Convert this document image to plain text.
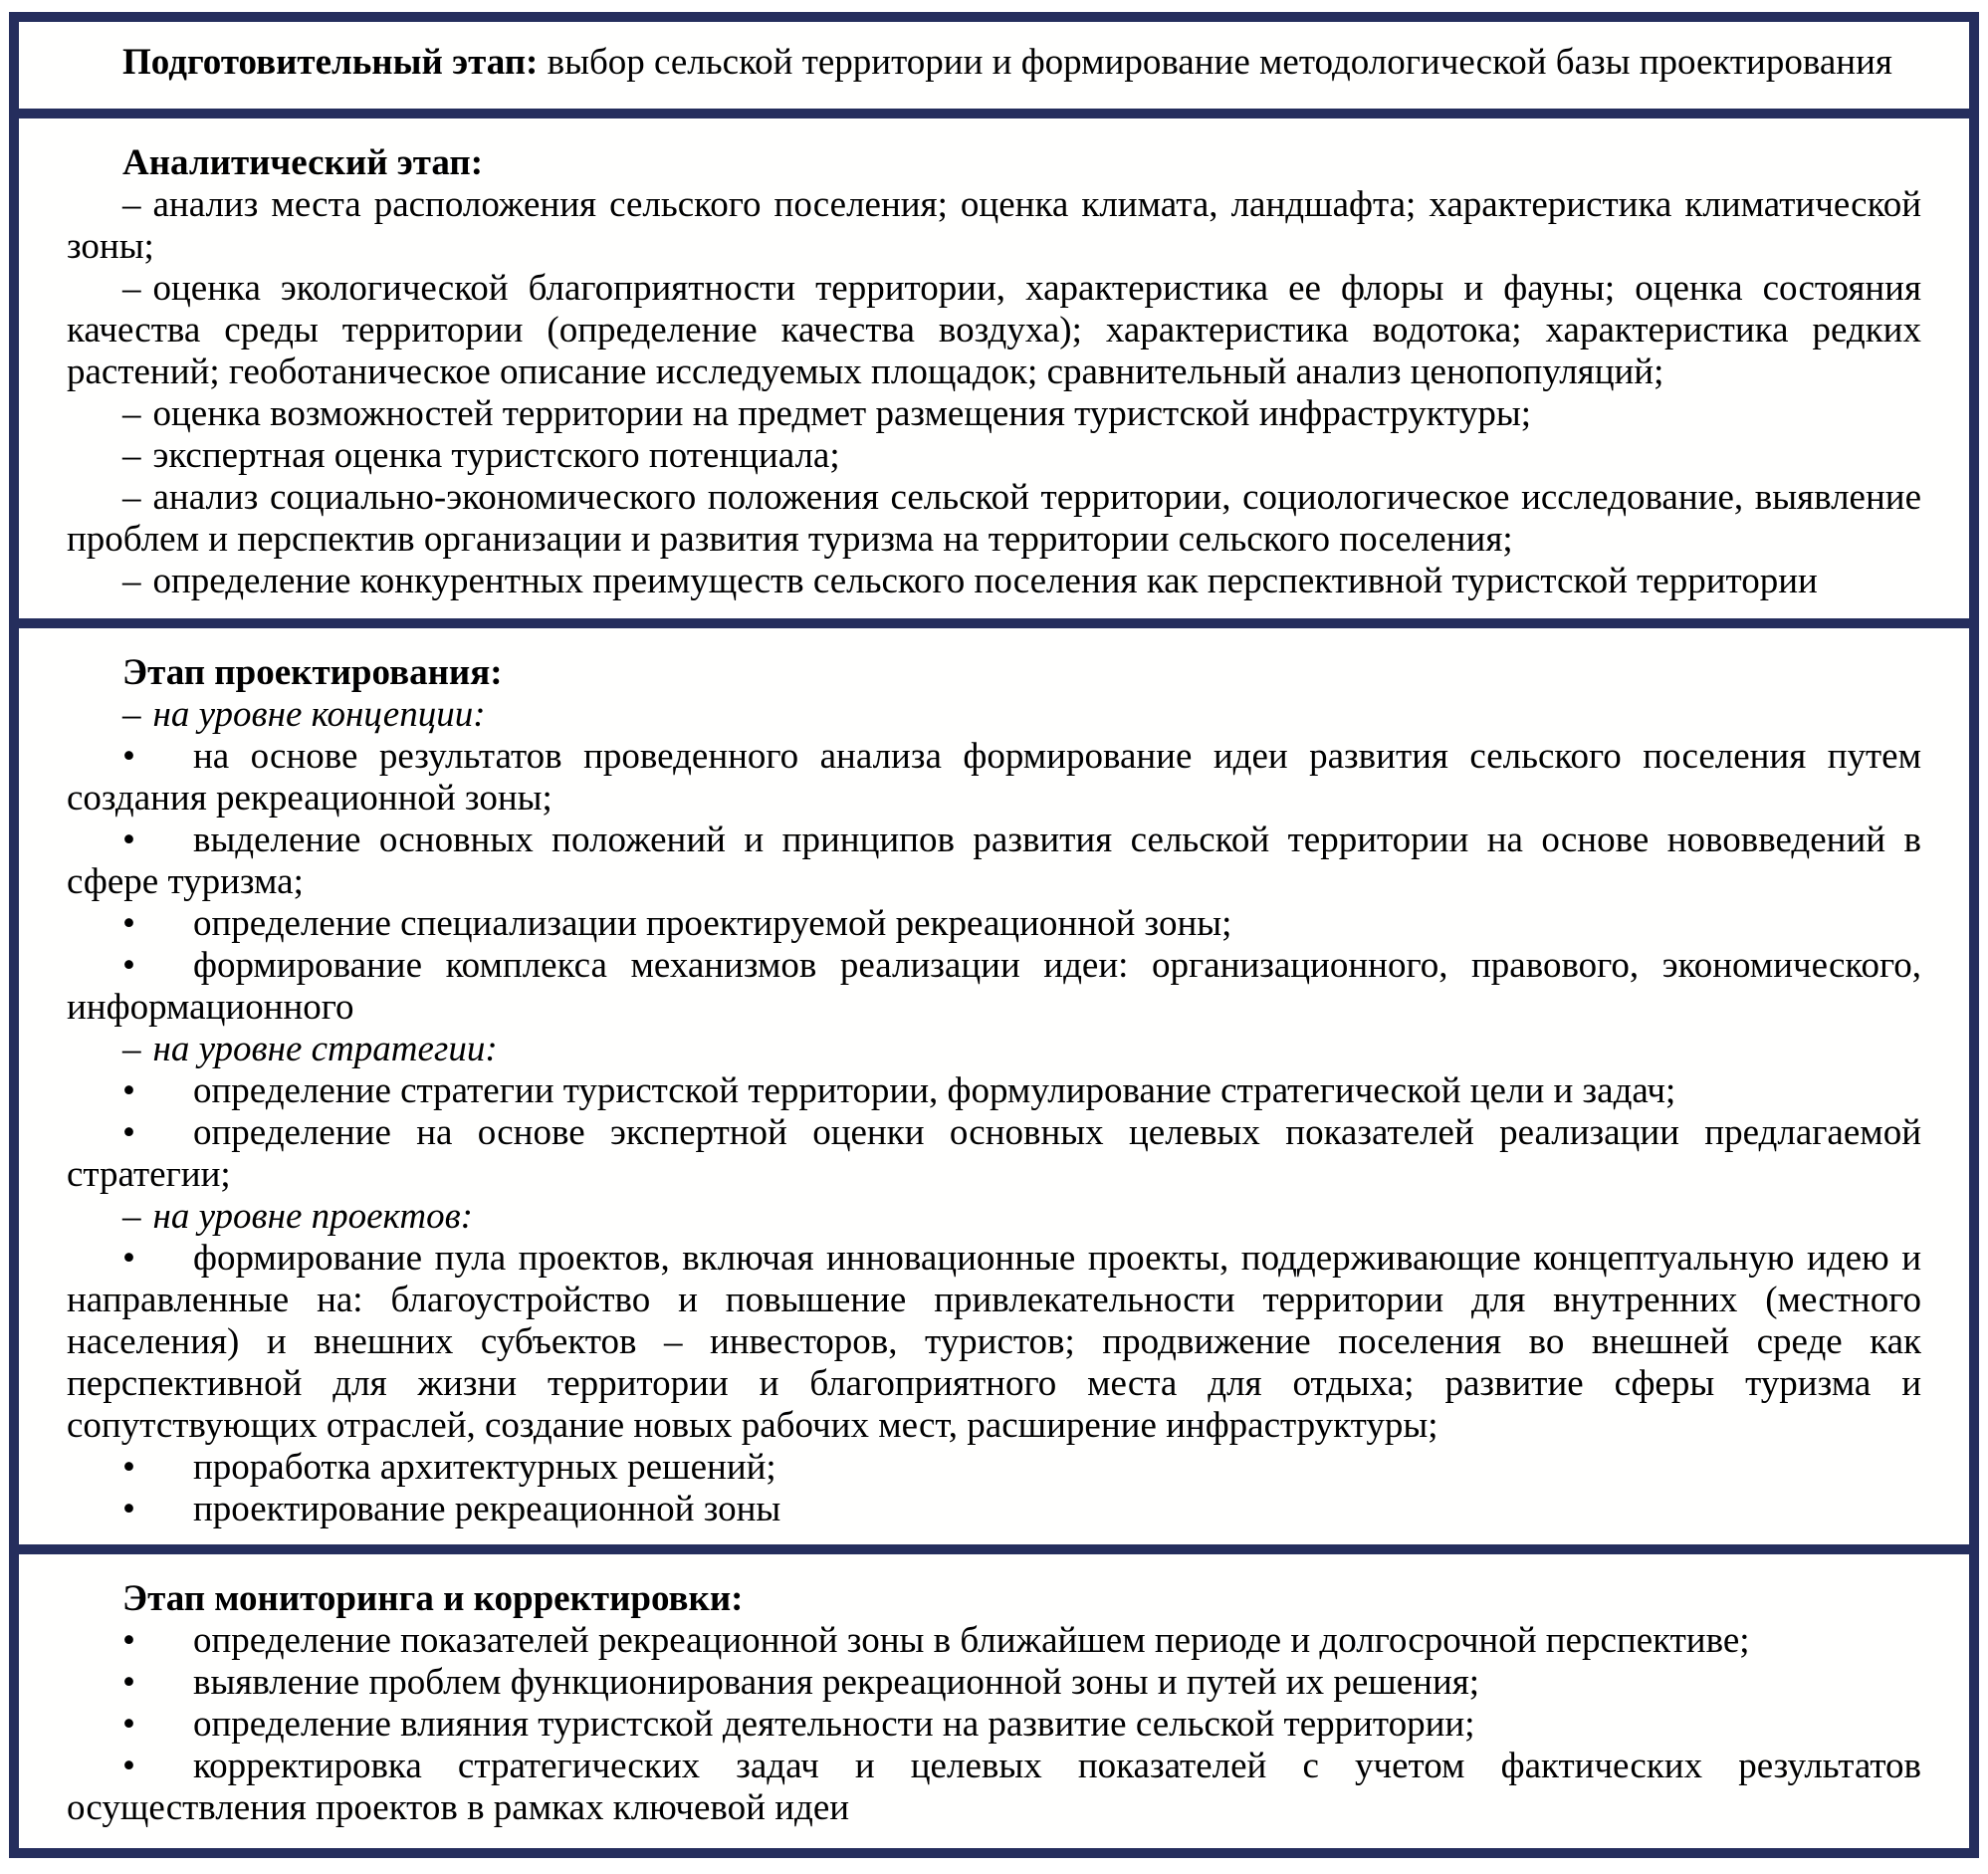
Подготовительный этап: выбор сельской территории и формирование методологической базы проектирования

Аналитический этап:

– анализ места расположения сельского поселения; оценка климата, ландшафта; характеристика климатической зоны;

– оценка экологической благоприятности территории, характеристика ее флоры и фауны; оценка состояния качества среды территории (определение качества воздуха); характеристика водотока; характеристика редких растений; геоботаническое описание исследуемых площадок; сравнительный анализ ценопопуляций;

– оценка возможностей территории на предмет размещения туристской инфраструктуры;

– экспертная оценка туристского потенциала;

– анализ социально-экономического положения сельской территории, социологическое исследование, выявление проблем и перспектив организации и развития туризма на территории сельского поселения;

– определение конкурентных преимуществ сельского поселения как перспективной туристской территории

Этап проектирования:

– на уровне концепции:

• на основе результатов проведенного анализа формирование идеи развития сельского поселения путем создания рекреационной зоны;

• выделение основных положений и принципов развития сельской территории на основе нововведений в сфере туризма;

• определение специализации проектируемой рекреационной зоны;

• формирование комплекса механизмов реализации идеи: организационного, правового, экономического, информационного

– на уровне стратегии:

• определение стратегии туристской территории, формулирование стратегической цели и задач;

• определение на основе экспертной оценки основных целевых показателей реализации предлагаемой стратегии;

– на уровне проектов:

• формирование пула проектов, включая инновационные проекты, поддерживающие концептуальную идею и направленные на: благоустройство и повышение привлекательности территории для внутренних (местного населения) и внешних субъектов – инвесторов, туристов; продвижение поселения во внешней среде как перспективной для жизни территории и благоприятного места для отдыха; развитие сферы туризма и сопутствующих отраслей, создание новых рабочих мест, расширение инфраструктуры;

• проработка архитектурных решений;

• проектирование рекреационной зоны

Этап мониторинга и корректировки:

• определение показателей рекреационной зоны в ближайшем периоде и долгосрочной перспективе;

• выявление проблем функционирования рекреационной зоны и путей их решения;

• определение влияния туристской деятельности на развитие сельской территории;

• корректировка стратегических задач и целевых показателей с учетом фактических результатов осуществления проектов в рамках ключевой идеи
